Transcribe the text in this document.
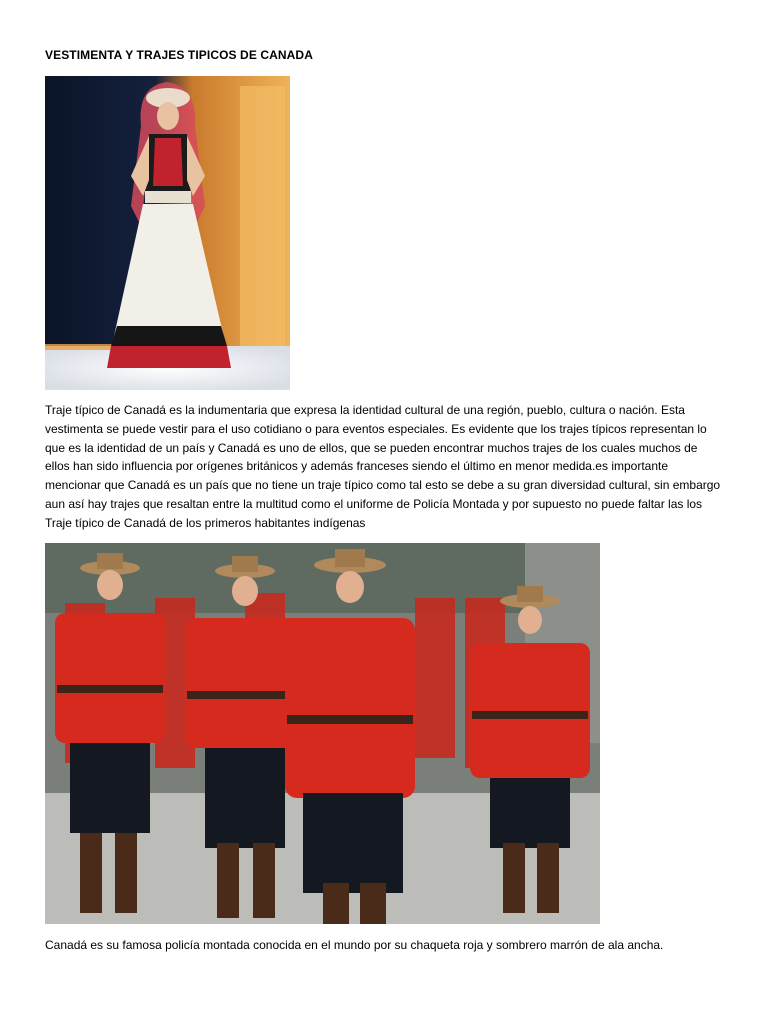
VESTIMENTA Y TRAJES TIPICOS DE CANADA
Traje típico de Canadá es la indumentaria que expresa la identidad cultural de una región, pueblo, cultura o nación. Esta vestimenta se puede vestir para el uso cotidiano o para eventos especiales. Es evidente que los trajes típicos representan lo que es la identidad de un país y Canadá es uno de ellos, que se pueden encontrar muchos trajes de los cuales muchos de ellos han sido influencia por orígenes británicos y además franceses siendo el último en menor medida.es importante mencionar que Canadá es un país que no tiene un traje típico como tal esto se debe a su gran diversidad cultural, sin embargo aun así hay trajes que resaltan entre la multitud como el uniforme de Policía Montada y por supuesto no puede faltar las los Traje típico de Canadá de los primeros habitantes indígenas
Canadá es su famosa policía montada conocida en el mundo por su chaqueta roja y sombrero marrón de ala ancha.
